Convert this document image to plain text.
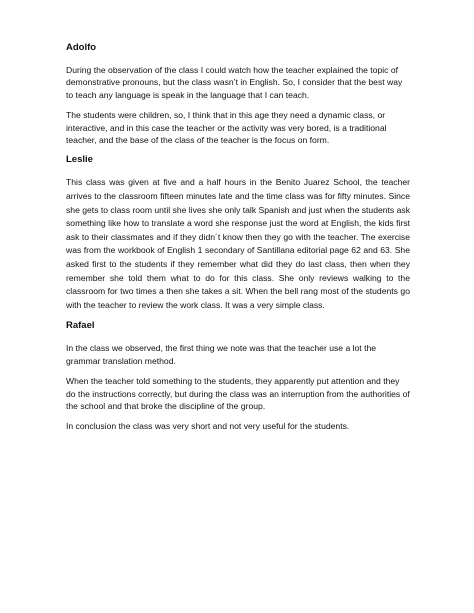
Adolfo

During the observation of the class I could watch how the teacher explained the topic of demonstrative pronouns, but the class wasn’t in English. So, I consider that the best way to teach any language is speak in the language that I can teach.

The students were children, so, I think that in this age they need a dynamic class, or interactive, and in this case the teacher or the activity was very bored, is a traditional teacher, and the base of the class of the teacher is the focus on form.

Leslie

This class was given at five and a half hours in the Benito Juarez School, the teacher arrives to the classroom fifteen minutes late and the time class was for fifty minutes. Since she gets to class room until she lives she only talk Spanish and just when the students ask something like how to translate a word she response just the word at English, the kids first ask to their classmates and if they didn´t know then they go with the teacher. The exercise was from the workbook of English 1 secondary of Santillana editorial page 62 and 63. She asked first to the students if they remember what did they do last class, then when they remember she told them what to do for this class. She only reviews walking to the classroom for two times a then she takes a sit. When the bell rang most of the students go with the teacher to review the work class. It was a very simple class.

Rafael

In the class we observed, the first thing we note was that the teacher use a lot the grammar translation method.

When the teacher told something to the students, they apparently put attention and they do the instructions correctly, but during the class was an interruption from the authorities of the school and that broke the discipline of the group.

In conclusion the class was very short and not very useful for the students.
